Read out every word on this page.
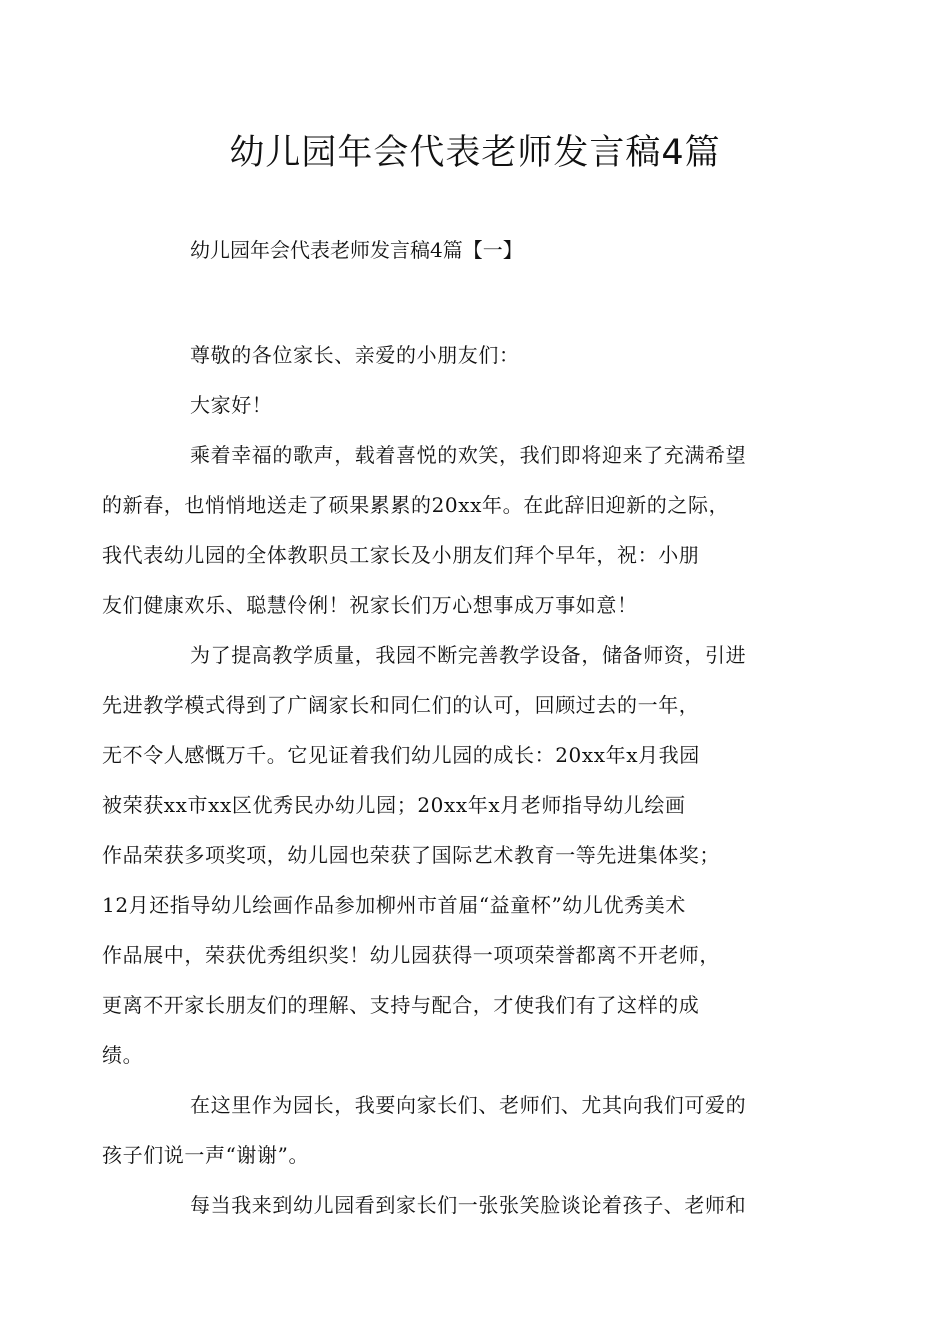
幼儿园年会代表老师发言稿4篇

幼儿园年会代表老师发言稿4篇【一】

尊敬的各位家长、亲爱的小朋友们：

大家好！

乘着幸福的歌声，载着喜悦的欢笑，我们即将迎来了充满希望
的新春，也悄悄地送走了硕果累累的20xx年。在此辞旧迎新的之际，
我代表幼儿园的全体教职员工家长及小朋友们拜个早年，祝：小朋
友们健康欢乐、聪慧伶俐！祝家长们万心想事成万事如意！

为了提高教学质量，我园不断完善教学设备，储备师资，引进
先进教学模式得到了广阔家长和同仁们的认可，回顾过去的一年，
无不令人感慨万千。它见证着我们幼儿园的成长：20xx年x月我园
被荣获xx市xx区优秀民办幼儿园；20xx年x月老师指导幼儿绘画
作品荣获多项奖项，幼儿园也荣获了国际艺术教育一等先进集体奖；
12月还指导幼儿绘画作品参加柳州市首届“益童杯”幼儿优秀美术
作品展中，荣获优秀组织奖！幼儿园获得一项项荣誉都离不开老师，
更离不开家长朋友们的理解、支持与配合，才使我们有了这样的成
绩。

在这里作为园长，我要向家长们、老师们、尤其向我们可爱的
孩子们说一声“谢谢”。

每当我来到幼儿园看到家长们一张张笑脸谈论着孩子、老师和
